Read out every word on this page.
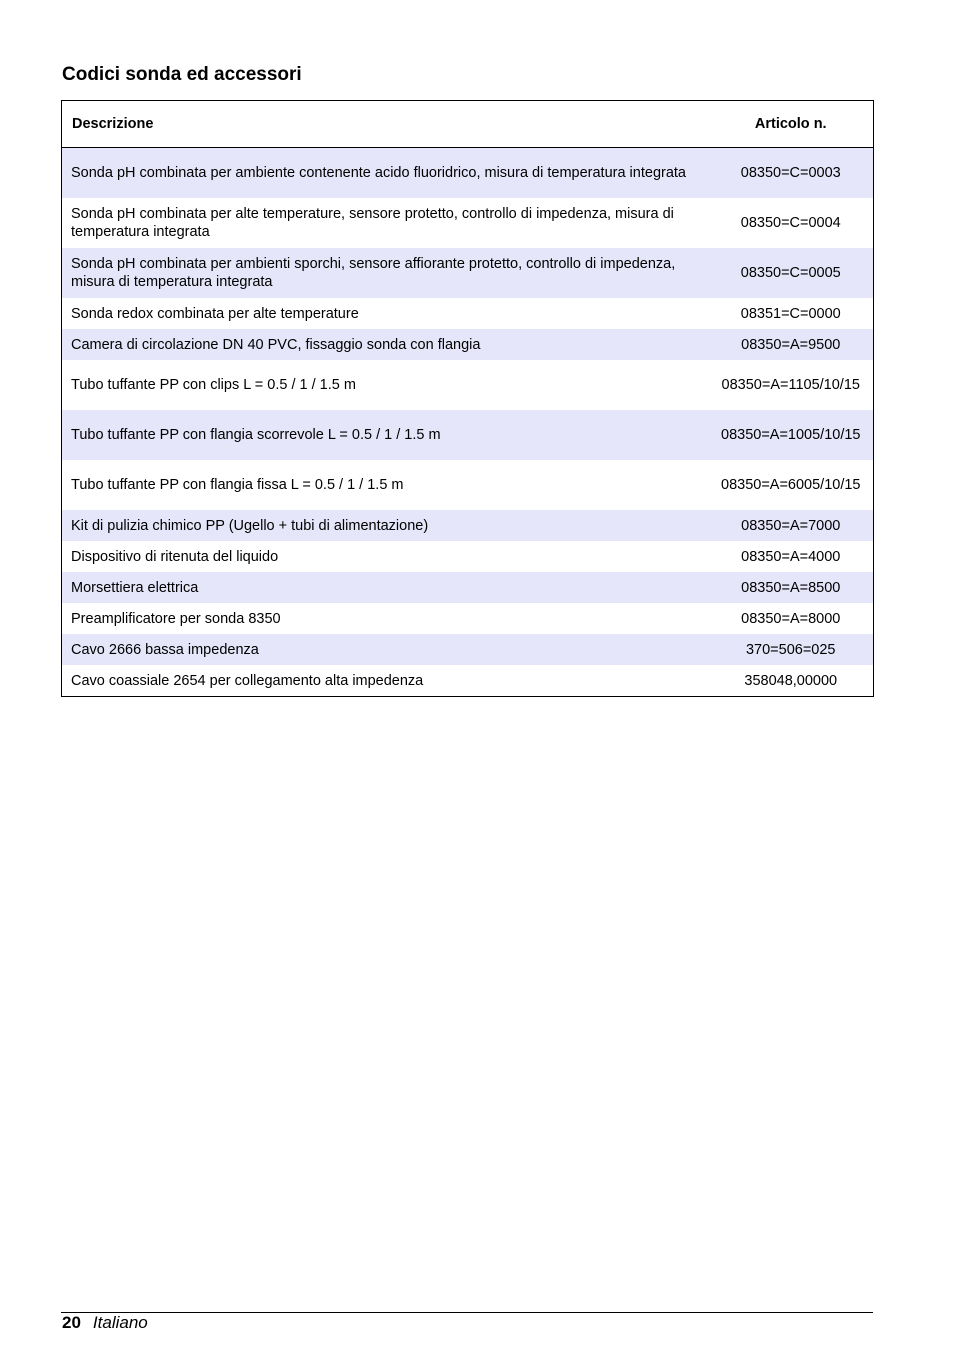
Codici sonda ed accessori
Descrizione	Articolo n.
Sonda pH combinata per ambiente contenente acido fluoridrico, misura di temperatura integrata	08350=C=0003
Sonda pH combinata per alte temperature, sensore protetto, controllo di impedenza, misura di temperatura integrata	08350=C=0004
Sonda pH combinata per ambienti sporchi, sensore affiorante protetto, controllo di impedenza, misura di temperatura integrata	08350=C=0005
Sonda redox combinata per alte temperature	08351=C=0000
Camera di circolazione DN 40 PVC, fissaggio sonda con flangia	08350=A=9500
Tubo tuffante PP con clips L = 0.5 / 1 / 1.5 m	08350=A=1105/10/15
Tubo tuffante PP con flangia scorrevole L = 0.5 / 1 / 1.5 m	08350=A=1005/10/15
Tubo tuffante PP con flangia fissa L = 0.5 / 1 / 1.5 m	08350=A=6005/10/15
Kit di pulizia chimico PP (Ugello + tubi di alimentazione)	08350=A=7000
Dispositivo di ritenuta del liquido	08350=A=4000
Morsettiera elettrica	08350=A=8500
Preamplificatore per sonda 8350	08350=A=8000
Cavo 2666 bassa impedenza	370=506=025
Cavo coassiale 2654 per collegamento alta impedenza	358048,00000
20 Italiano
